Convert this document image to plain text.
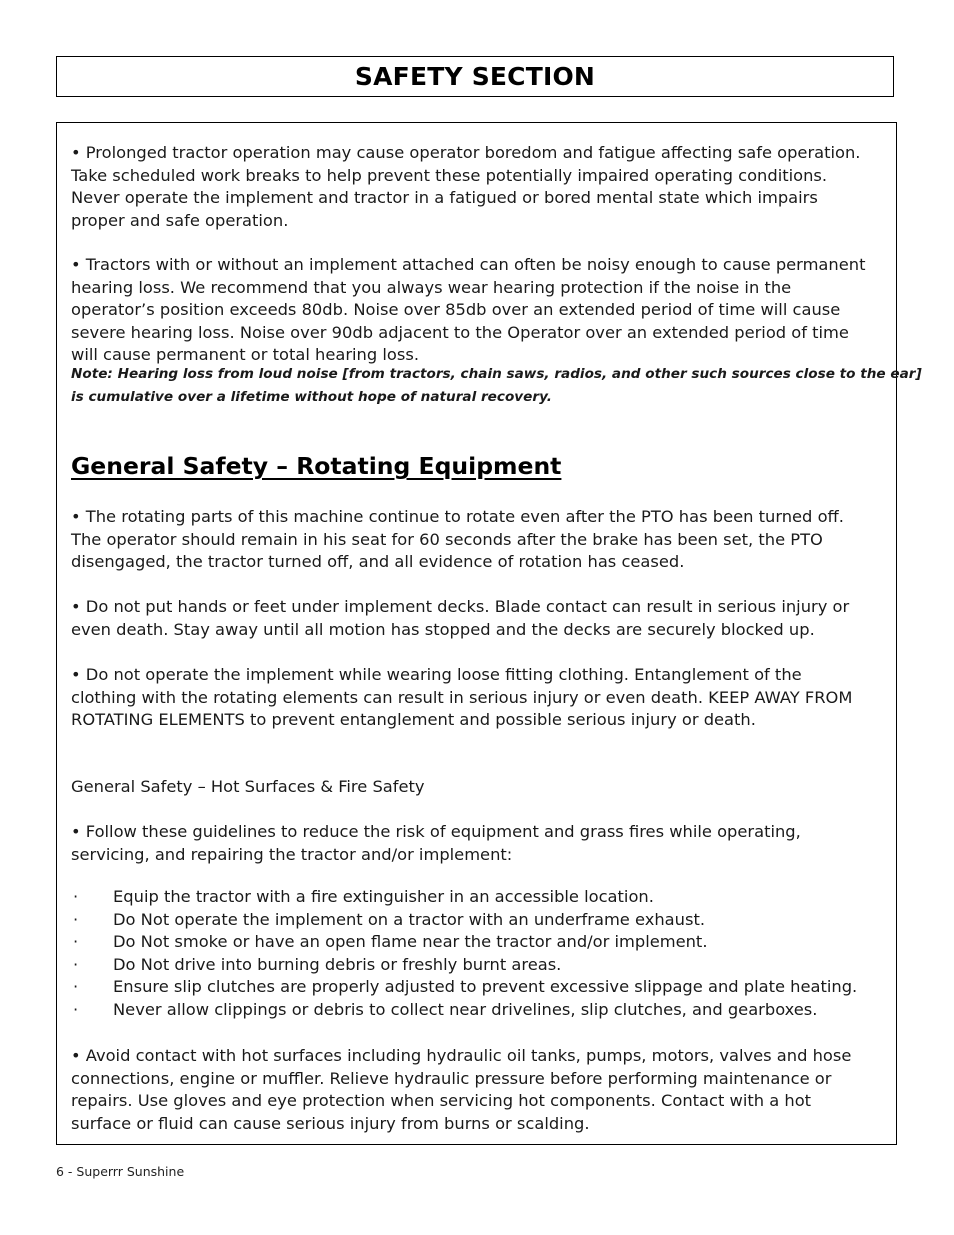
SAFETY SECTION
• Prolonged tractor operation may cause operator boredom and fatigue affecting safe operation.
Take scheduled work breaks to help prevent these potentially impaired operating conditions.
Never operate the implement and tractor in a fatigued or bored mental state which impairs
proper and safe operation.
• Tractors with or without an implement attached can often be noisy enough to cause permanent
hearing loss. We recommend that you always wear hearing protection if the noise in the
operator’s position exceeds 80db. Noise over 85db over an extended period of time will cause
severe hearing loss. Noise over 90db adjacent to the Operator over an extended period of time
will cause permanent or total hearing loss.
Note: Hearing loss from loud noise [from tractors, chain saws, radios, and other such sources close to the ear]
is cumulative over a lifetime without hope of natural recovery.
General Safety – Rotating Equipment
• The rotating parts of this machine continue to rotate even after the PTO has been turned off.
The operator should remain in his seat for 60 seconds after the brake has been set, the PTO
disengaged, the tractor turned off, and all evidence of rotation has ceased.
• Do not put hands or feet under implement decks. Blade contact can result in serious injury or
even death. Stay away until all motion has stopped and the decks are securely blocked up.
• Do not operate the implement while wearing loose fitting clothing. Entanglement of the
clothing with the rotating elements can result in serious injury or even death. KEEP AWAY FROM
ROTATING ELEMENTS to prevent entanglement and possible serious injury or death.
General Safety – Hot Surfaces & Fire Safety
• Follow these guidelines to reduce the risk of equipment and grass fires while operating,
servicing, and repairing the tractor and/or implement:
· Equip the tractor with a fire extinguisher in an accessible location.
· Do Not operate the implement on a tractor with an underframe exhaust.
· Do Not smoke or have an open flame near the tractor and/or implement.
· Do Not drive into burning debris or freshly burnt areas.
· Ensure slip clutches are properly adjusted to prevent excessive slippage and plate heating.
· Never allow clippings or debris to collect near drivelines, slip clutches, and gearboxes.
• Avoid contact with hot surfaces including hydraulic oil tanks, pumps, motors, valves and hose
connections, engine or muffler. Relieve hydraulic pressure before performing maintenance or
repairs. Use gloves and eye protection when servicing hot components. Contact with a hot
surface or fluid can cause serious injury from burns or scalding.
6 - Superrr Sunshine
